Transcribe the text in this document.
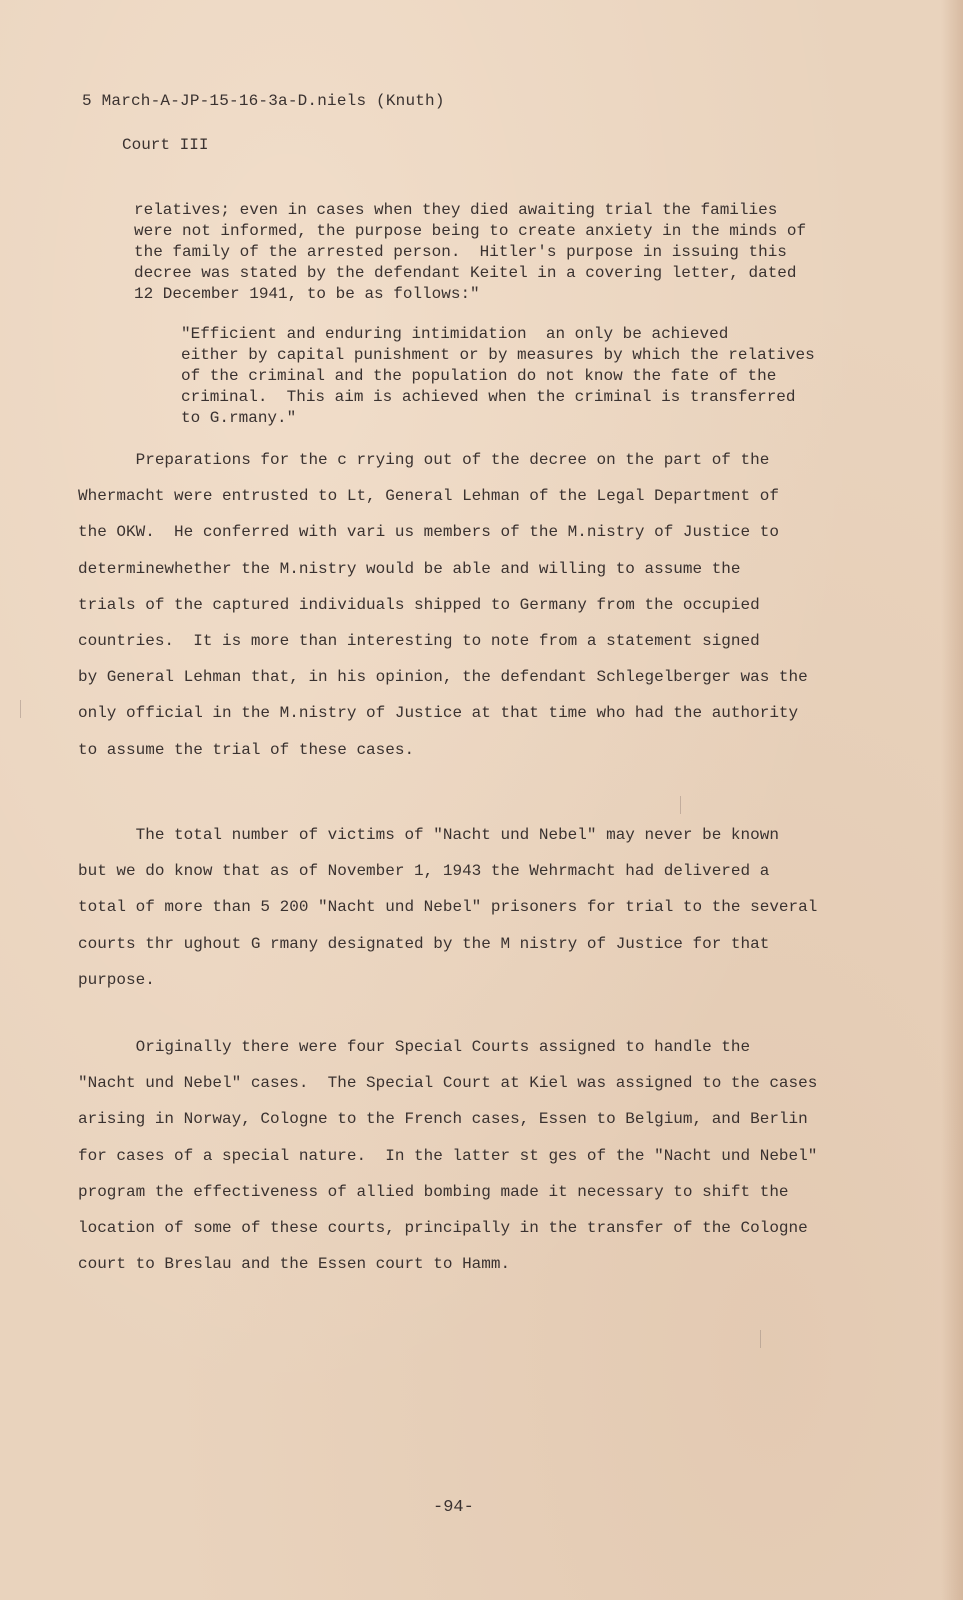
5 March-A-JP-15-16-3a-D.niels (Knuth)
Court III
relatives; even in cases when they died awaiting trial the families
were not informed, the purpose being to create anxiety in the minds of
the family of the arrested person.  Hitler's purpose in issuing this
decree was stated by the defendant Keitel in a covering letter, dated
12 December 1941, to be as follows:"
"Efficient and enduring intimidation  an only be achieved
either by capital punishment or by measures by which the relatives
of the criminal and the population do not know the fate of the
criminal.  This aim is achieved when the criminal is transferred
to G.rmany."
Preparations for the c rrying out of the decree on the part of the
Whermacht were entrusted to Lt, General Lehman of the Legal Department of
the OKW.  He conferred with vari us members of the M.nistry of Justice to
determinewhether the M.nistry would be able and willing to assume the
trials of the captured individuals shipped to Germany from the occupied
countries.  It is more than interesting to note from a statement signed
by General Lehman that, in his opinion, the defendant Schlegelberger was the
only official in the M.nistry of Justice at that time who had the authority
to assume the trial of these cases.
The total number of victims of "Nacht und Nebel" may never be known
but we do know that as of November 1, 1943 the Wehrmacht had delivered a
total of more than 5 200 "Nacht und Nebel" prisoners for trial to the several
courts thr ughout G rmany designated by the M nistry of Justice for that
purpose.
Originally there were four Special Courts assigned to handle the
"Nacht und Nebel" cases.  The Special Court at Kiel was assigned to the cases
arising in Norway, Cologne to the French cases, Essen to Belgium, and Berlin
for cases of a special nature.  In the latter st ges of the "Nacht und Nebel"
program the effectiveness of allied bombing made it necessary to shift the
location of some of these courts, principally in the transfer of the Cologne
court to Breslau and the Essen court to Hamm.
-94-
